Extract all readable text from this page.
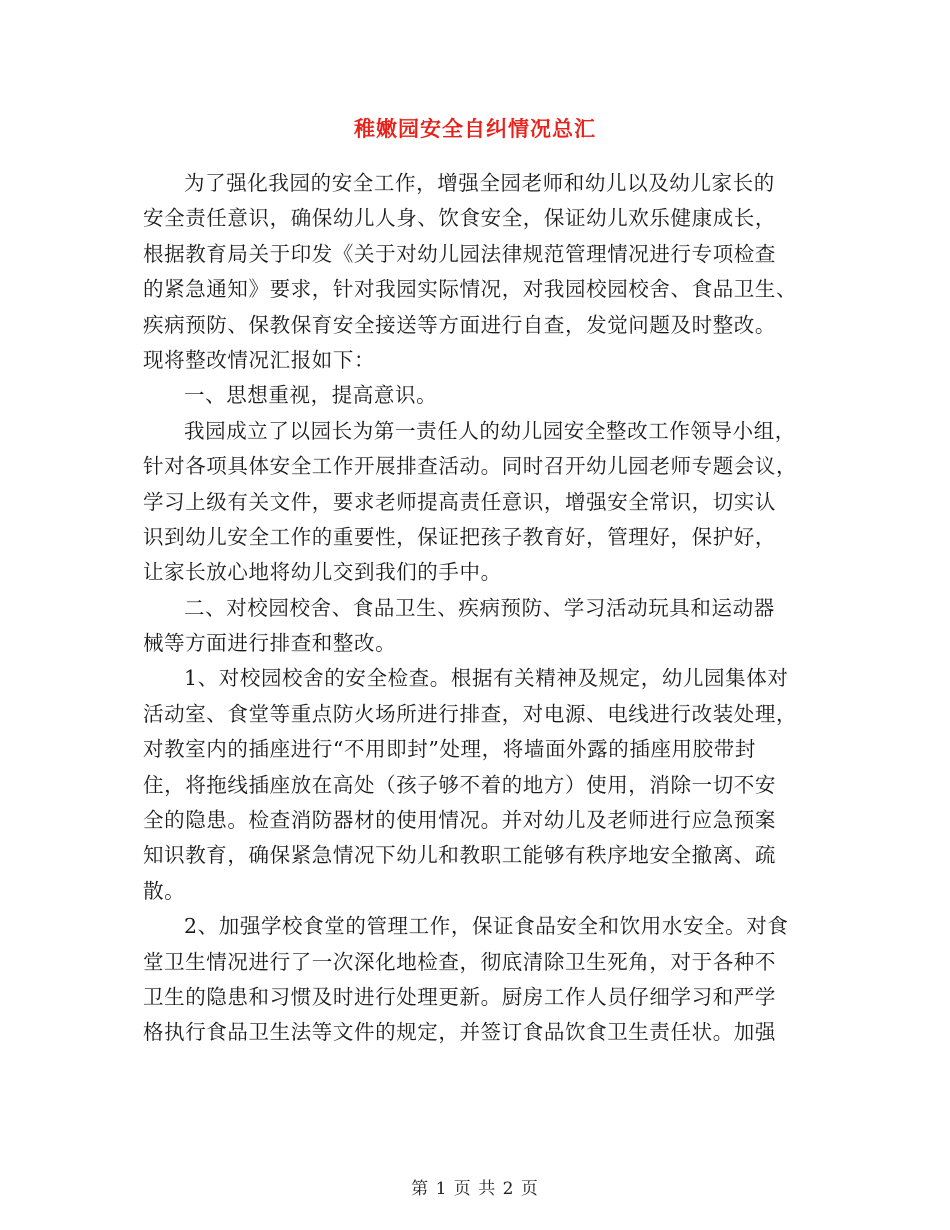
稚嫩园安全自纠情况总汇
为了强化我园的安全工作，增强全园老师和幼儿以及幼儿家长的
安全责任意识，确保幼儿人身、饮食安全，保证幼儿欢乐健康成长，
根据教育局关于印发《关于对幼儿园法律规范管理情况进行专项检查
的紧急通知》要求，针对我园实际情况，对我园校园校舍、食品卫生、
疾病预防、保教保育安全接送等方面进行自查，发觉问题及时整改。
现将整改情况汇报如下：
一、思想重视，提高意识。
我园成立了以园长为第一责任人的幼儿园安全整改工作领导小组，
针对各项具体安全工作开展排查活动。同时召开幼儿园老师专题会议，
学习上级有关文件，要求老师提高责任意识，增强安全常识，切实认
识到幼儿安全工作的重要性，保证把孩子教育好，管理好，保护好，
让家长放心地将幼儿交到我们的手中。
二、对校园校舍、食品卫生、疾病预防、学习活动玩具和运动器
械等方面进行排查和整改。
1、对校园校舍的安全检查。根据有关精神及规定，幼儿园集体对
活动室、食堂等重点防火场所进行排查，对电源、电线进行改装处理，
对教室内的插座进行“不用即封”处理，将墙面外露的插座用胶带封
住，将拖线插座放在高处（孩子够不着的地方）使用，消除一切不安
全的隐患。检查消防器材的使用情况。并对幼儿及老师进行应急预案
知识教育，确保紧急情况下幼儿和教职工能够有秩序地安全撤离、疏
散。
2、加强学校食堂的管理工作，保证食品安全和饮用水安全。对食
堂卫生情况进行了一次深化地检查，彻底清除卫生死角，对于各种不
卫生的隐患和习惯及时进行处理更新。厨房工作人员仔细学习和严学
格执行食品卫生法等文件的规定，并签订食品饮食卫生责任状。加强
第 1 页 共 2 页
